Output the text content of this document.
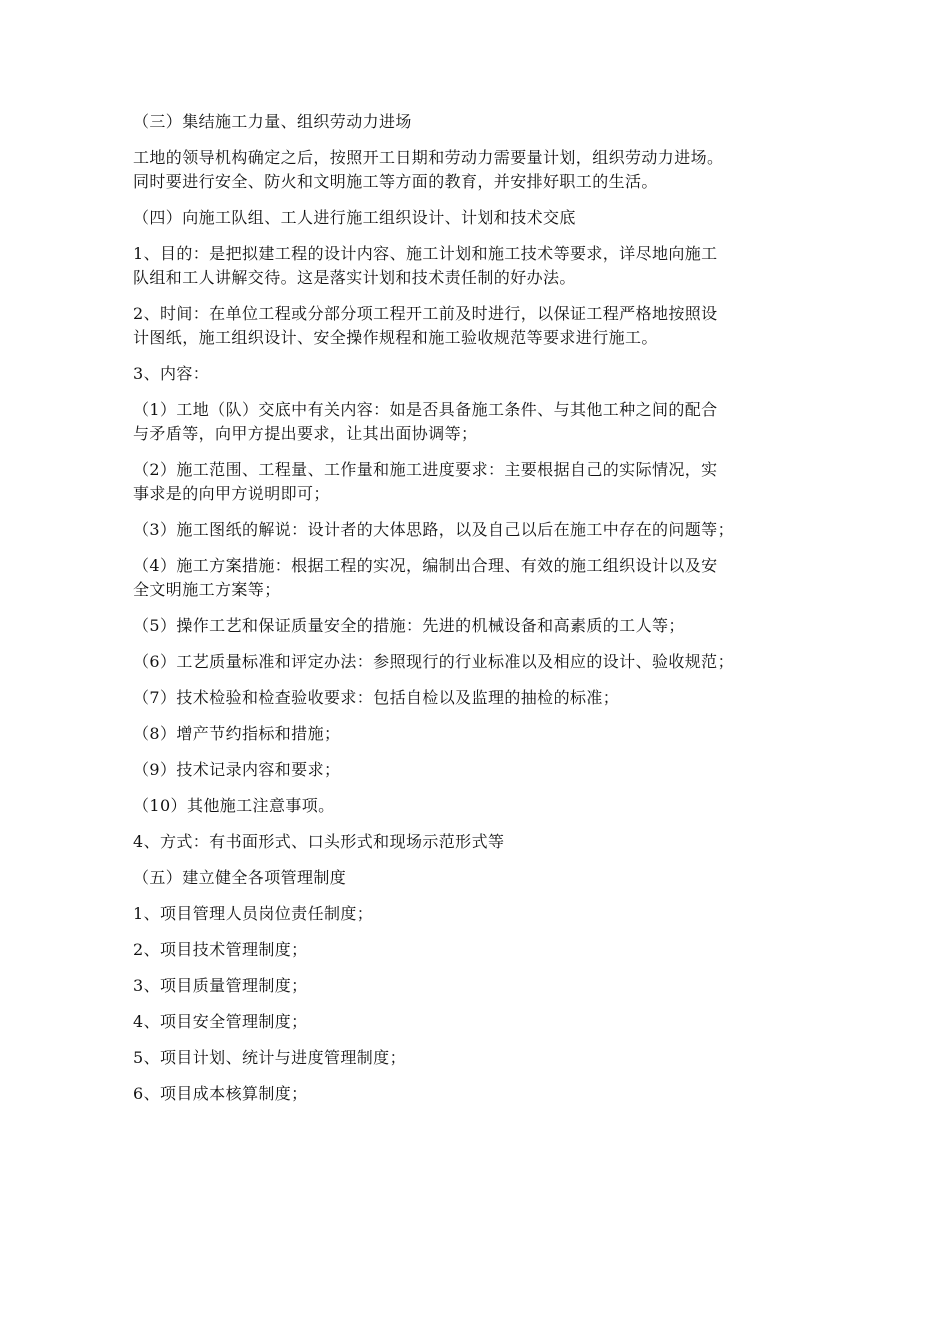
（三）集结施工力量、组织劳动力进场

工地的领导机构确定之后，按照开工日期和劳动力需要量计划，组织劳动力进场。
同时要进行安全、防火和文明施工等方面的教育，并安排好职工的生活。

（四）向施工队组、工人进行施工组织设计、计划和技术交底

1、目的：是把拟建工程的设计内容、施工计划和施工技术等要求，详尽地向施工
队组和工人讲解交待。这是落实计划和技术责任制的好办法。

2、时间：在单位工程或分部分项工程开工前及时进行，以保证工程严格地按照设
计图纸，施工组织设计、安全操作规程和施工验收规范等要求进行施工。

3、内容：

（1）工地（队）交底中有关内容：如是否具备施工条件、与其他工种之间的配合
与矛盾等，向甲方提出要求，让其出面协调等；

（2）施工范围、工程量、工作量和施工进度要求：主要根据自己的实际情况，实
事求是的向甲方说明即可；

（3）施工图纸的解说：设计者的大体思路，以及自己以后在施工中存在的问题等；

（4）施工方案措施：根据工程的实况，编制出合理、有效的施工组织设计以及安
全文明施工方案等；

（5）操作工艺和保证质量安全的措施：先进的机械设备和高素质的工人等；

（6）工艺质量标准和评定办法：参照现行的行业标准以及相应的设计、验收规范；

（7）技术检验和检查验收要求：包括自检以及监理的抽检的标准；

（8）增产节约指标和措施；

（9）技术记录内容和要求；

（10）其他施工注意事项。

4、方式：有书面形式、口头形式和现场示范形式等

（五）建立健全各项管理制度

1、项目管理人员岗位责任制度；

2、项目技术管理制度；

3、项目质量管理制度；

4、项目安全管理制度；

5、项目计划、统计与进度管理制度；

6、项目成本核算制度；
